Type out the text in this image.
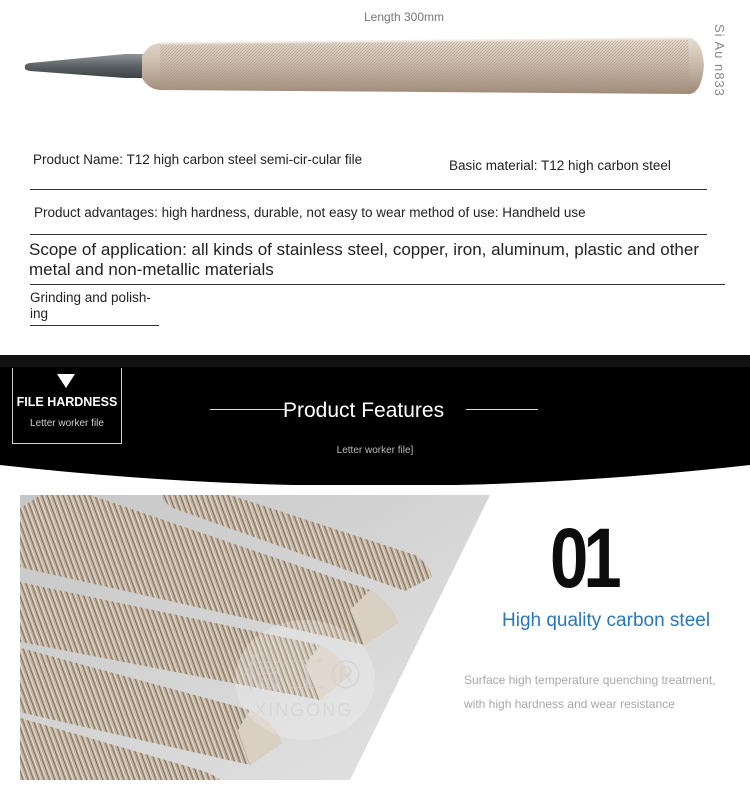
Length 300mm
Si Au n833
Product Name: T12 high carbon steel semi-cir-cular file	Basic material: T12 high carbon steel
Product advantages: high hardness, durable, not easy to wear method of use: Handheld use
Scope of application: all kinds of stainless steel, copper, iron, aluminum, plastic and other metal and non-metallic materials
Grinding and polish-ing
FILE HARDNESS
Letter worker file
Product Features
Letter worker file]
信工®
XINGONG
01
High quality carbon steel
Surface high temperature quenching treatment, with high hardness and wear resistance
